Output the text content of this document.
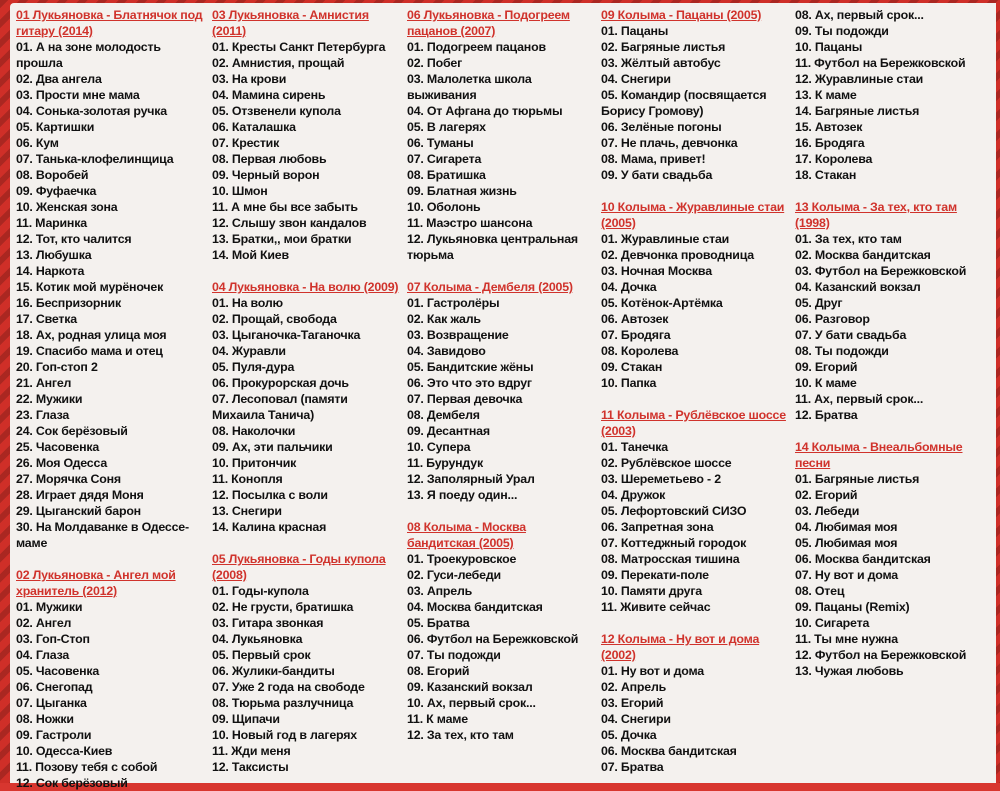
01 Лукьяновка - Блатнячок под гитару (2014)
01. А на зоне молодость прошла
02. Два ангела
03. Прости мне мама
04. Сонька-золотая ручка
05. Картишки
06. Кум
07. Танька-клофелинщица
08. Воробей
09. Фуфаечка
10. Женская зона
11. Маринка
12. Тот, кто чалится
13. Любушка
14. Наркота
15. Котик мой мурёночек
16. Беспризорник
17. Светка
18. Ах, родная улица моя
19. Спасибо мама и отец
20. Гоп-стоп 2
21. Ангел
22. Мужики
23. Глаза
24. Сок берёзовый
25. Часовенка
26. Моя Одесса
27. Морячка Соня
28. Играет дядя Моня
29. Цыганский барон
30. На Молдаванке в Одессе-маме
02 Лукьяновка - Ангел мой хранитель (2012)
01. Мужики
02. Ангел
03. Гоп-Стоп
04. Глаза
05. Часовенка
06. Снегопад
07. Цыганка
08. Ножки
09. Гастроли
10. Одесса-Киев
11. Позову тебя с собой
12. Сок берёзовый
03 Лукьяновка - Амнистия (2011)
01. Кресты Санкт Петербурга
02. Амнистия, прощай
03. На крови
04. Мамина сирень
05. Отзвенели купола
06. Каталашка
07. Крестик
08. Первая любовь
09. Черный ворон
10. Шмон
11. А мне бы все забыть
12. Слышу звон кандалов
13. Братки,, мои братки
14. Мой Киев
04 Лукьяновка - На волю (2009)
01. На волю
02. Прощай, свобода
03. Цыганочка-Таганочка
04. Журавли
05. Пуля-дура
06. Прокурорская дочь
07. Лесоповал (памяти Михаила Танича)
08. Наколочки
09. Ах, эти пальчики
10. Притончик
11. Конопля
12. Посылка с воли
13. Снегири
14. Калина красная
05 Лукьяновка - Годы купола (2008)
01. Годы-купола
02. Не грусти, братишка
03. Гитара звонкая
04. Лукьяновка
05. Первый срок
06. Жулики-бандиты
07. Уже 2 года на свободе
08. Тюрьма разлучница
09. Щипачи
10. Новый год в лагерях
11. Жди меня
12. Таксисты
06 Лукьяновка - Подогреем пацанов (2007)
01. Подогреем пацанов
02. Побег
03. Малолетка школа выживания
04. От Афгана до тюрьмы
05. В лагерях
06. Туманы
07. Сигарета
08. Братишка
09. Блатная жизнь
10. Оболонь
11. Маэстро шансона
12. Лукьяновка центральная тюрьма
07 Колыма - Дембеля (2005)
01. Гастролёры
02. Как жаль
03. Возвращение
04. Завидово
05. Бандитские жёны
06. Это что это вдруг
07. Первая девочка
08. Дембеля
09. Десантная
10. Супера
11. Бурундук
12. Заполярный Урал
13. Я поеду один...
08 Колыма - Москва бандитская (2005)
01. Троекуровское
02. Гуси-лебеди
03. Апрель
04. Москва бандитская
05. Братва
06. Футбол на Бережковской
07. Ты подожди
08. Егорий
09. Казанский вокзал
10. Ах, первый срок...
11. К маме
12. За тех, кто там
09 Колыма - Пацаны (2005)
01. Пацаны
02. Багряные листья
03. Жёлтый автобус
04. Снегири
05. Командир (посвящается Борису Громову)
06. Зелёные погоны
07. Не плачь, девчонка
08. Мама, привет!
09. У бати свадьба
10 Колыма - Журавлиные стаи (2005)
01. Журавлиные стаи
02. Девчонка проводница
03. Ночная Москва
04. Дочка
05. Котёнок-Артёмка
06. Автозек
07. Бродяга
08. Королева
09. Стакан
10. Папка
11 Колыма - Рублёвское шоссе (2003)
01. Танечка
02. Рублёвское шоссе
03. Шереметьево - 2
04. Дружок
05. Лефортовский СИЗО
06. Запретная зона
07. Коттеджный городок
08. Матросская тишина
09. Перекати-поле
10. Памяти друга
11. Живите сейчас
12 Колыма - Ну вот и дома (2002)
01. Ну вот и дома
02. Апрель
03. Егорий
04. Снегири
05. Дочка
06. Москва бандитская
07. Братва
08. Ах, первый срок...
09. Ты подожди
10. Пацаны
11. Футбол на Бережковской
12. Журавлиные стаи
13. К маме
14. Багряные листья
15. Автозек
16. Бродяга
17. Королева
18. Стакан
13 Колыма - За тех, кто там (1998)
01. За тех, кто там
02. Москва бандитская
03. Футбол на Бережковской
04. Казанский вокзал
05. Друг
06. Разговор
07. У бати свадьба
08. Ты подожди
09. Егорий
10. К маме
11. Ах, первый срок...
12. Братва
14 Колыма - Внеальбомные песни
01. Багряные листья
02. Егорий
03. Лебеди
04. Любимая моя
05. Любимая моя
06. Москва бандитская
07. Ну вот и дома
08. Отец
09. Пацаны (Remix)
10. Сигарета
11. Ты мне нужна
12. Футбол на Бережковской
13. Чужая любовь
